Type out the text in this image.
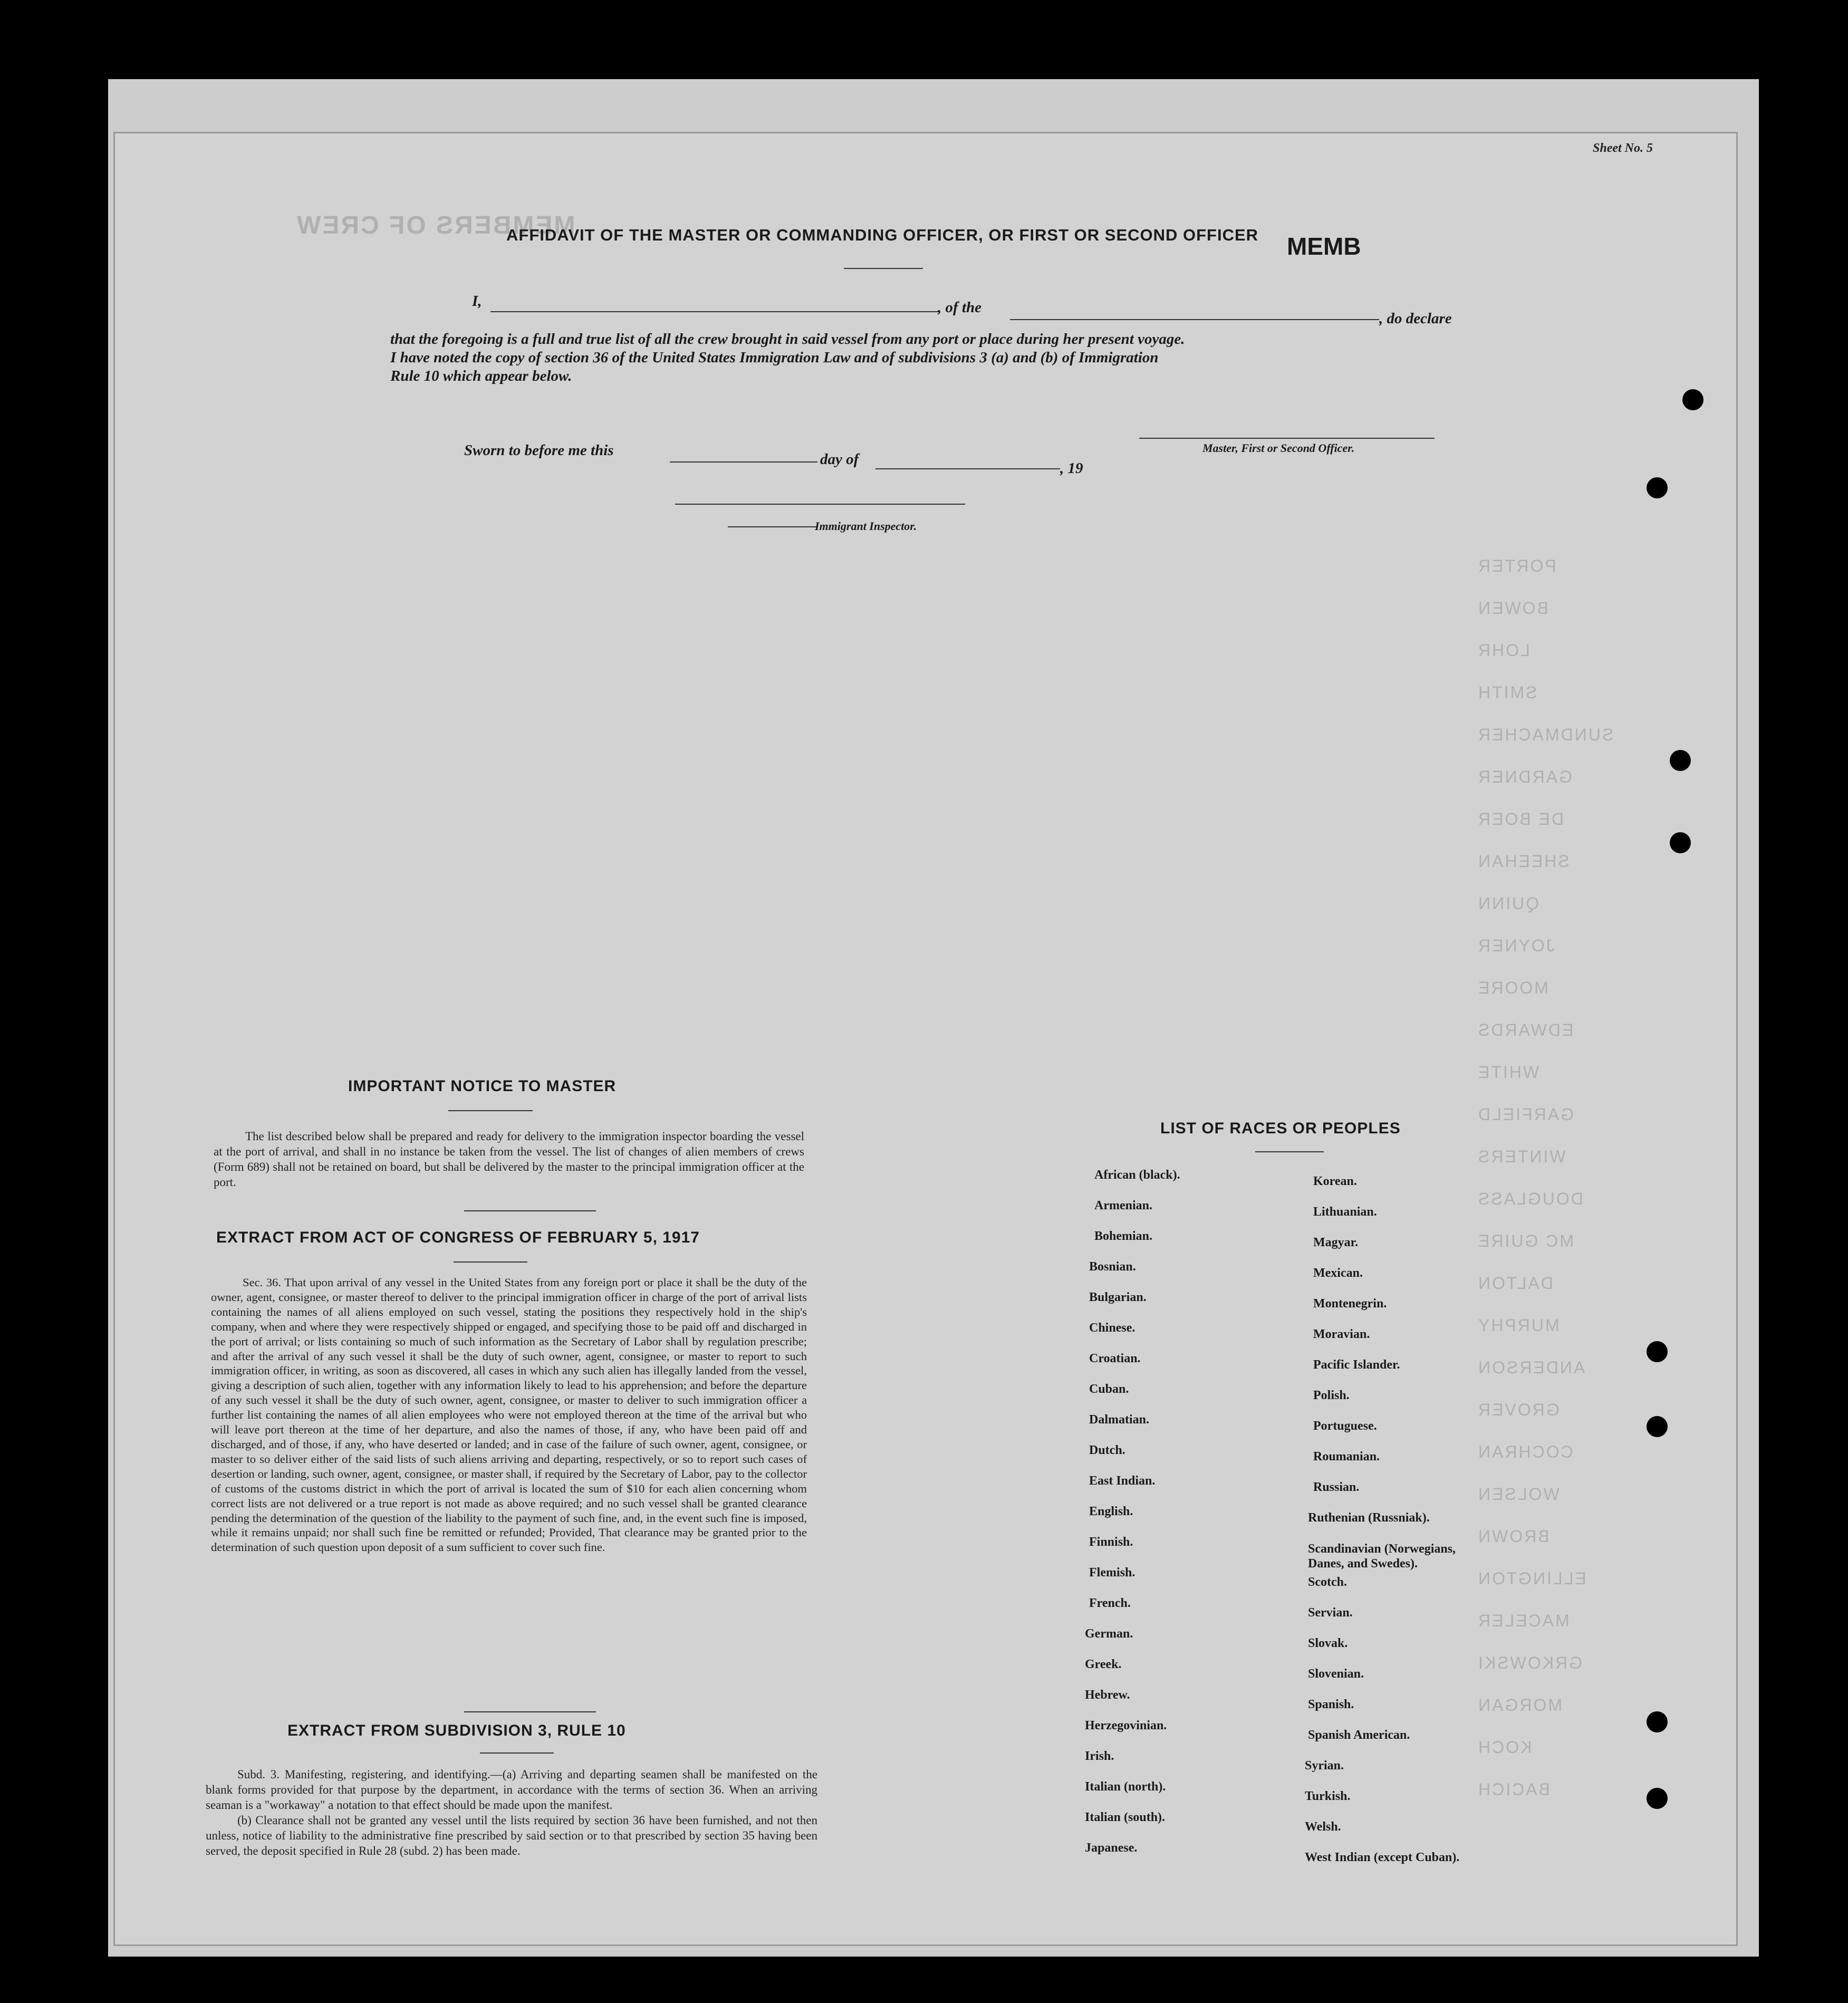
Sheet No. 5
MEMBERS OF CREW
PORTER
BOWEN
LOHR
SMITH
SUNDMACHER
GARDNER
DE BOER
SHEEHAN
QUINN
JOYNER
MOORE
EDWARDS
WHITE
GARFIELD
WINTERS
DOUGLASS
MC GUIRE
DALTON
MURPHY
ANDERSON
GROVER
COCHRAN
WOLSEN
BROWN
ELLINGTON
MACELER
GRKOWSKI
MORGAN
KOCH
BACICH
AFFIDAVIT OF THE MASTER OR COMMANDING OFFICER, OR FIRST OR SECOND OFFICER MEMB
I,	, of the
, do declare
that the foregoing is a full and true list of all the crew brought in said vessel from any port or place during her present voyage.
I have noted the copy of section 36 of the United States Immigration Law and of subdivisions 3 (a) and (b) of Immigration
Rule 10 which appear below.
Sworn to before me this
day of
, 19
Master, First or Second Officer.
Immigrant Inspector.
IMPORTANT NOTICE TO MASTER

The list described below shall be prepared and ready for delivery to the immigration inspector boarding the vessel at the port of arrival, and shall in no instance be taken from the vessel. The list of changes of alien members of crews (Form 689) shall not be retained on board, but shall be delivered by the master to the principal immigration officer at the port.

EXTRACT FROM ACT OF CONGRESS OF FEBRUARY 5, 1917

Sec. 36. That upon arrival of any vessel in the United States from any foreign port or place it shall be the duty of the owner, agent, consignee, or master thereof to deliver to the principal immigration officer in charge of the port of arrival lists containing the names of all aliens employed on such vessel, stating the positions they respectively hold in the ship's company, when and where they were respectively shipped or engaged, and specifying those to be paid off and discharged in the port of arrival; or lists containing so much of such information as the Secretary of Labor shall by regulation prescribe; and after the arrival of any such vessel it shall be the duty of such owner, agent, consignee, or master to report to such immigration officer, in writing, as soon as discovered, all cases in which any such alien has illegally landed from the vessel, giving a description of such alien, together with any information likely to lead to his apprehension; and before the departure of any such vessel it shall be the duty of such owner, agent, consignee, or master to deliver to such immigration officer a further list containing the names of all alien employees who were not employed thereon at the time of the arrival but who will leave port thereon at the time of her departure, and also the names of those, if any, who have been paid off and discharged, and of those, if any, who have deserted or landed; and in case of the failure of such owner, agent, consignee, or master to so deliver either of the said lists of such aliens arriving and departing, respectively, or so to report such cases of desertion or landing, such owner, agent, consignee, or master shall, if required by the Secretary of Labor, pay to the collector of customs of the customs district in which the port of arrival is located the sum of $10 for each alien concerning whom correct lists are not delivered or a true report is not made as above required; and no such vessel shall be granted clearance pending the determination of the question of the liability to the payment of such fine, and, in the event such fine is imposed, while it remains unpaid; nor shall such fine be remitted or refunded; Provided, That clearance may be granted prior to the determination of such question upon deposit of a sum sufficient to cover such fine.

EXTRACT FROM SUBDIVISION 3, RULE 10

Subd. 3. Manifesting, registering, and identifying.—(a) Arriving and departing seamen shall be manifested on the blank forms provided for that purpose by the department, in accordance with the terms of section 36. When an arriving seaman is a "workaway" a notation to that effect should be made upon the manifest.

(b) Clearance shall not be granted any vessel until the lists required by section 36 have been furnished, and not then unless, notice of liability to the administrative fine prescribed by said section or to that prescribed by section 35 having been served, the deposit specified in Rule 28 (subd. 2) has been made.

LIST OF RACES OR PEOPLES
African (black).
Armenian.
Bohemian.
Bosnian.
Bulgarian.
Chinese.
Croatian.
Cuban.
Dalmatian.
Dutch.
East Indian.
English.
Finnish.
Flemish.
French.
German.
Greek.
Hebrew.
Herzegovinian.
Irish.
Italian (north).
Italian (south).
Japanese.
Korean.
Lithuanian.
Magyar.
Mexican.
Montenegrin.
Moravian.
Pacific Islander.
Polish.
Portuguese.
Roumanian.
Russian.
Ruthenian (Russniak).
Scandinavian (Norwegians, Danes, and Swedes).
Scotch.
Servian.
Slovak.
Slovenian.
Spanish.
Spanish American.
Syrian.
Turkish.
Welsh.
West Indian (except Cuban).
